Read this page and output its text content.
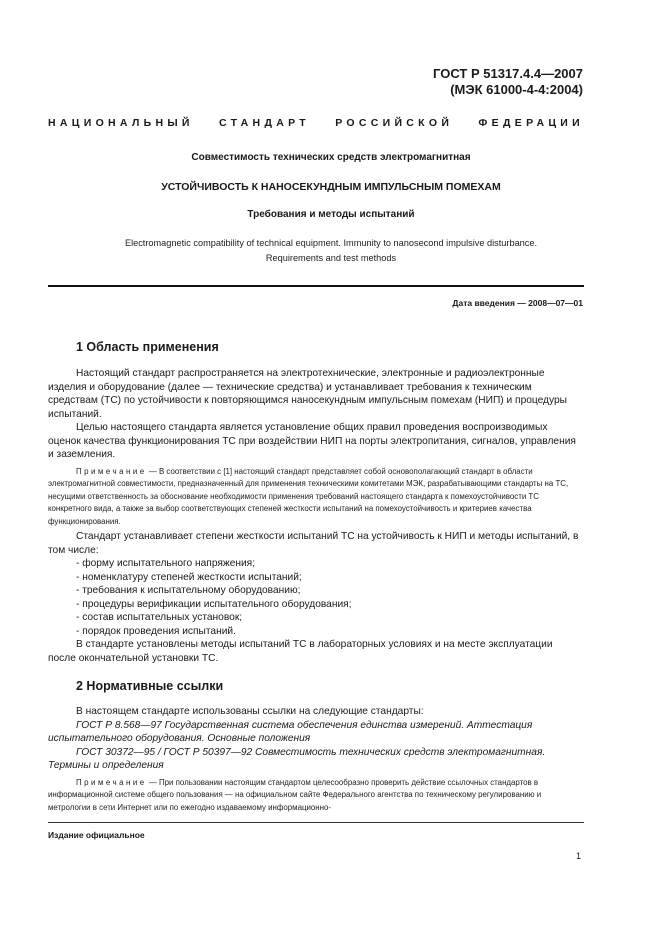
ГОСТ Р 51317.4.4—2007
(МЭК 61000-4-4:2004)
НАЦИОНАЛЬНЫЙ СТАНДАРТ РОССИЙСКОЙ ФЕДЕРАЦИИ
Совместимость технических средств электромагнитная
УСТОЙЧИВОСТЬ К НАНОСЕКУНДНЫМ ИМПУЛЬСНЫМ ПОМЕХАМ
Требования и методы испытаний
Electromagnetic compatibility of technical equipment. Immunity to nanosecond impulsive disturbance.
Requirements and test methods
Дата введения — 2008—07—01
1 Область применения

Настоящий стандарт распространяется на электротехнические, электронные и радиоэлектронные изделия и оборудование (далее — технические средства) и устанавливает требования к техническим средствам (ТС) по устойчивости к повторяющимся наносекундным импульсным помехам (НИП) и процедуры испытаний.

Целью настоящего стандарта является установление общих правил проведения воспроизводимых оценок качества функционирования ТС при воздействии НИП на порты электропитания, сигналов, управления и заземления.

Примечание — В соответствии с [1] настоящий стандарт представляет собой основополагающий стандарт в области электромагнитной совместимости, предназначенный для применения техническими комитетами МЭК, разрабатывающими стандарты на ТС, несущими ответственность за обоснование необходимости применения требований настоящего стандарта к помехоустойчивости ТС конкретного вида, а также за выбор соответствующих степеней жесткости испытаний на помехоустойчивость и критериев качества функционирования.

Стандарт устанавливает степени жесткости испытаний ТС на устойчивость к НИП и методы испытаний, в том числе:

- форму испытательного напряжения;
- номенклатуру степеней жесткости испытаний;
- требования к испытательному оборудованию;
- процедуры верификации испытательного оборудования;
- состав испытательных установок;
- порядок проведения испытаний.

В стандарте установлены методы испытаний ТС в лабораторных условиях и на месте эксплуатации после окончательной установки ТС.

2 Нормативные ссылки

В настоящем стандарте использованы ссылки на следующие стандарты:

ГОСТ Р 8.568—97 Государственная система обеспечения единства измерений. Аттестация испытательного оборудования. Основные положения

ГОСТ 30372—95 / ГОСТ Р 50397—92 Совместимость технических средств электромагнитная. Термины и определения

Примечание — При пользовании настоящим стандартом целесообразно проверить действие ссылочных стандартов в информационной системе общего пользования — на официальном сайте Федерального агентства по техническому регулированию и метрологии в сети Интернет или по ежегодно издаваемому информационно-
Издание официальное
1
